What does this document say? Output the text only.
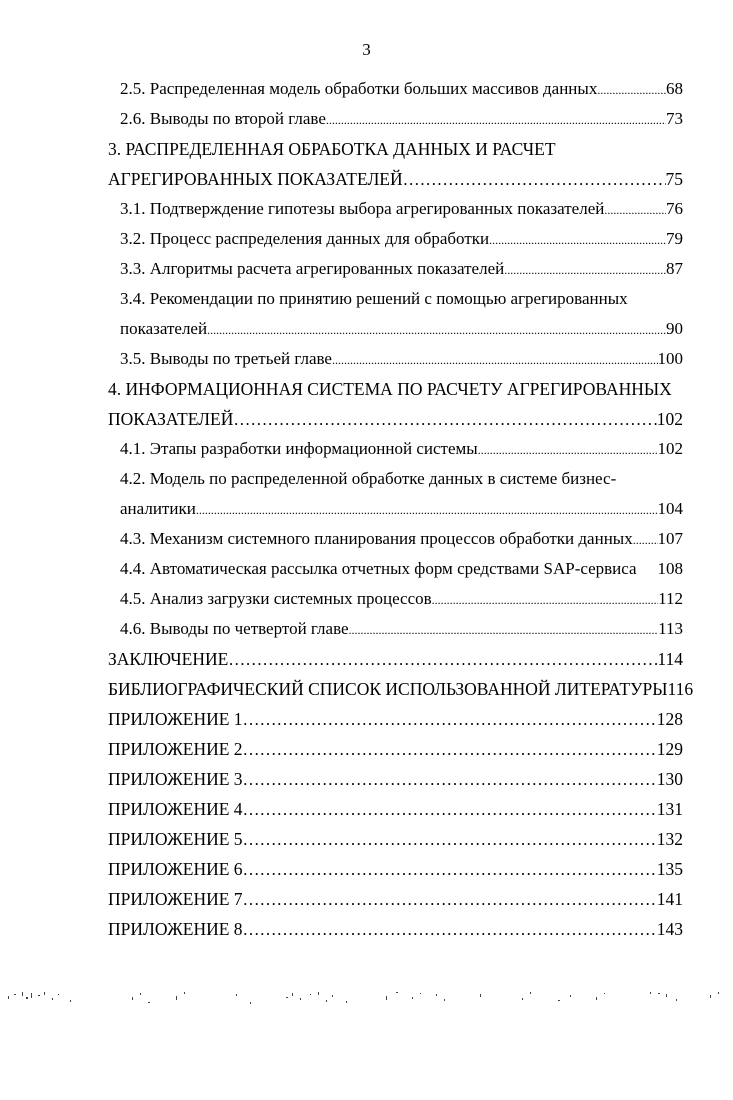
3
2.5. Распределенная модель обработки больших массивов данных .....	68
2.6. Выводы по второй главе .....	73
3. РАСПРЕДЕЛЕННАЯ ОБРАБОТКА ДАННЫХ И РАСЧЕТ
АГРЕГИРОВАННЫХ ПОКАЗАТЕЛЕЙ ……………………………………………………………………………………………………………………………………	75
3.1. Подтверждение гипотезы выбора агрегированных показателей .....	76
3.2. Процесс распределения данных для обработки .....	79
3.3. Алгоритмы расчета агрегированных показателей .....	87
3.4. Рекомендации по принятию решений с помощью агрегированных
показателей .....	90
3.5. Выводы по третьей главе .....	100
4. ИНФОРМАЦИОННАЯ СИСТЕМА ПО РАСЧЕТУ АГРЕГИРОВАННЫХ
ПОКАЗАТЕЛЕЙ ……………………………………………………………………………………………………………………………………	102
4.1. Этапы разработки информационной системы .....	102
4.2. Модель по распределенной обработке данных в системе бизнес-
аналитики .....	104
4.3. Механизм системного планирования процессов обработки данных ..... 107
4.4. Автоматическая рассылка отчетных форм средствами SAP-сервиса 108
4.5. Анализ загрузки системных процессов .....	112
4.6. Выводы по четвертой главе .....	113
ЗАКЛЮЧЕНИЕ ……………………………………………………………………………………………………………………………………	114
БИБЛИОГРАФИЧЕСКИЙ СПИСОК ИСПОЛЬЗОВАННОЙ ЛИТЕРАТУРЫ 116
ПРИЛОЖЕНИЕ 1 ……………………………………………………………………………………………………………………………………	128
ПРИЛОЖЕНИЕ 2 ……………………………………………………………………………………………………………………………………	129
ПРИЛОЖЕНИЕ 3 ……………………………………………………………………………………………………………………………………	130
ПРИЛОЖЕНИЕ 4 ……………………………………………………………………………………………………………………………………	131
ПРИЛОЖЕНИЕ 5 ……………………………………………………………………………………………………………………………………	132
ПРИЛОЖЕНИЕ 6 ……………………………………………………………………………………………………………………………………	135
ПРИЛОЖЕНИЕ 7 ……………………………………………………………………………………………………………………………………	141
ПРИЛОЖЕНИЕ 8 ……………………………………………………………………………………………………………………………………	143
